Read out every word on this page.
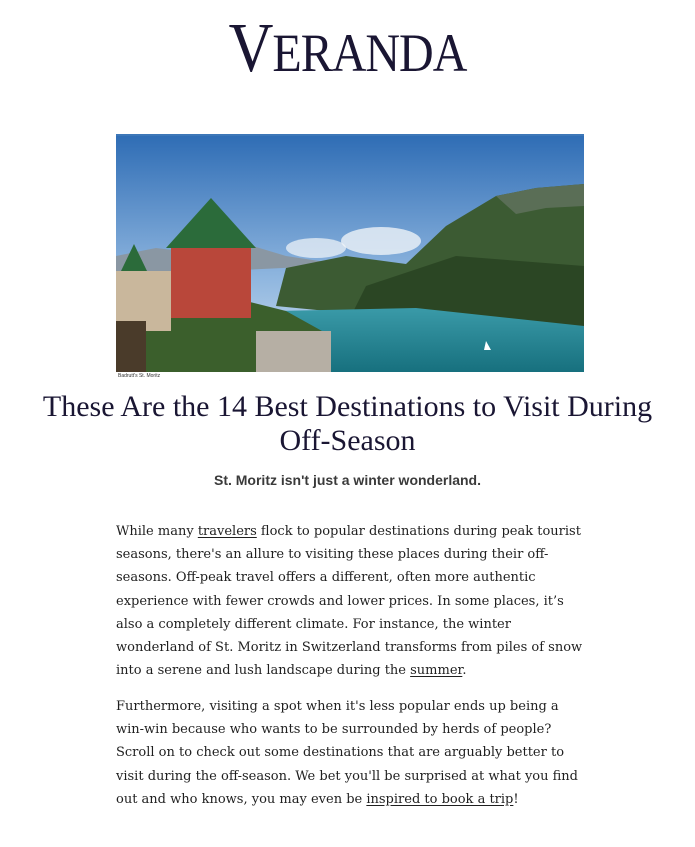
VERANDA
Badrutt's St. Moritz
These Are the 14 Best Destinations to Visit During Off-Season

St. Moritz isn't just a winter wonderland.

While many travelers flock to popular destinations during peak tourist seasons, there's an allure to visiting these places during their off-seasons. Off-peak travel offers a different, often more authentic experience with fewer crowds and lower prices. In some places, it’s also a completely different climate. For instance, the winter wonderland of St. Moritz in Switzerland transforms from piles of snow into a serene and lush landscape during the summer.

Furthermore, visiting a spot when it's less popular ends up being a win-win because who wants to be surrounded by herds of people? Scroll on to check out some destinations that are arguably better to visit during the off-season. We bet you'll be surprised at what you find out and who knows, you may even be inspired to book a trip!
